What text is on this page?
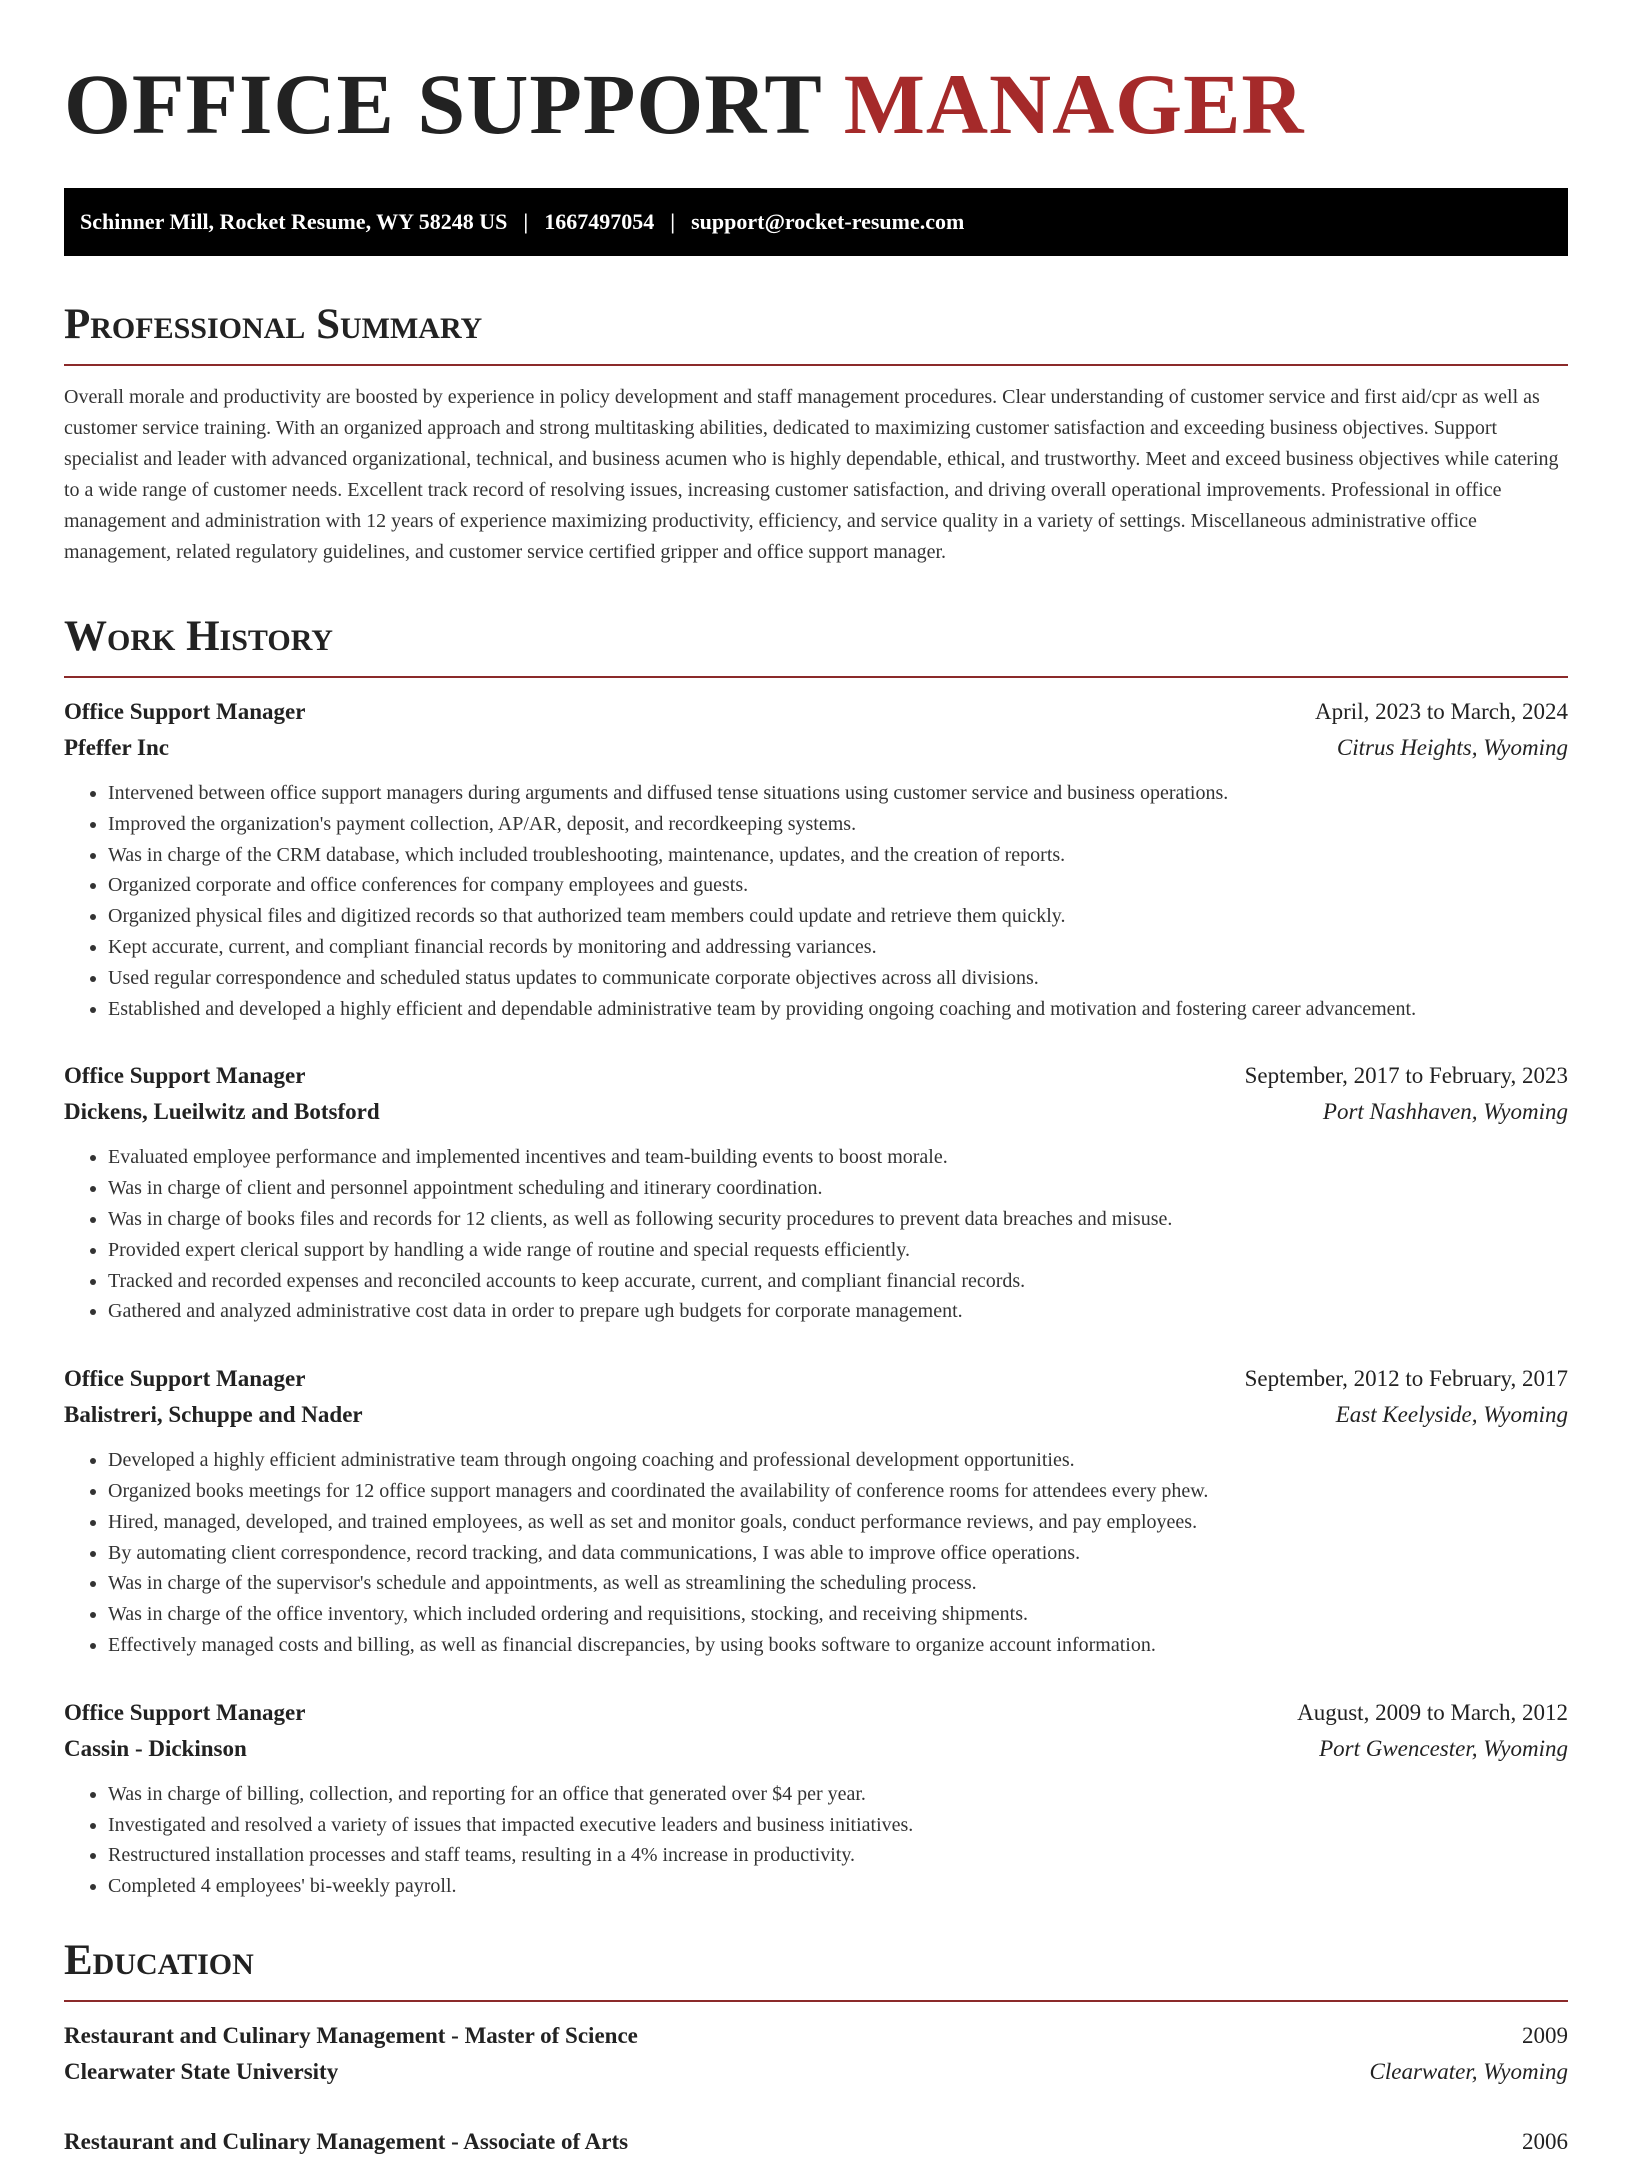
OFFICE SUPPORT MANAGER
Schinner Mill, Rocket Resume, WY 58248 US | 1667497054 | support@rocket-resume.com
Professional Summary

Overall morale and productivity are boosted by experience in policy development and staff management procedures. Clear understanding of customer service and first aid/cpr as well as customer service training. With an organized approach and strong multitasking abilities, dedicated to maximizing customer satisfaction and exceeding business objectives. Support specialist and leader with advanced organizational, technical, and business acumen who is highly dependable, ethical, and trustworthy. Meet and exceed business objectives while catering to a wide range of customer needs. Excellent track record of resolving issues, increasing customer satisfaction, and driving overall operational improvements. Professional in office management and administration with 12 years of experience maximizing productivity, efficiency, and service quality in a variety of settings. Miscellaneous administrative office management, related regulatory guidelines, and customer service certified gripper and office support manager.

Work History
Office Support Manager	April, 2023 to March, 2024
Pfeffer Inc	Citrus Heights, Wyoming
• Intervened between office support managers during arguments and diffused tense situations using customer service and business operations.
• Improved the organization's payment collection, AP/AR, deposit, and recordkeeping systems.
• Was in charge of the CRM database, which included troubleshooting, maintenance, updates, and the creation of reports.
• Organized corporate and office conferences for company employees and guests.
• Organized physical files and digitized records so that authorized team members could update and retrieve them quickly.
• Kept accurate, current, and compliant financial records by monitoring and addressing variances.
• Used regular correspondence and scheduled status updates to communicate corporate objectives across all divisions.
• Established and developed a highly efficient and dependable administrative team by providing ongoing coaching and motivation and fostering career advancement.
Office Support Manager	September, 2017 to February, 2023
Dickens, Lueilwitz and Botsford	Port Nashhaven, Wyoming
• Evaluated employee performance and implemented incentives and team-building events to boost morale.
• Was in charge of client and personnel appointment scheduling and itinerary coordination.
• Was in charge of books files and records for 12 clients, as well as following security procedures to prevent data breaches and misuse.
• Provided expert clerical support by handling a wide range of routine and special requests efficiently.
• Tracked and recorded expenses and reconciled accounts to keep accurate, current, and compliant financial records.
• Gathered and analyzed administrative cost data in order to prepare ugh budgets for corporate management.
Office Support Manager	September, 2012 to February, 2017
Balistreri, Schuppe and Nader	East Keelyside, Wyoming
• Developed a highly efficient administrative team through ongoing coaching and professional development opportunities.
• Organized books meetings for 12 office support managers and coordinated the availability of conference rooms for attendees every phew.
• Hired, managed, developed, and trained employees, as well as set and monitor goals, conduct performance reviews, and pay employees.
• By automating client correspondence, record tracking, and data communications, I was able to improve office operations.
• Was in charge of the supervisor's schedule and appointments, as well as streamlining the scheduling process.
• Was in charge of the office inventory, which included ordering and requisitions, stocking, and receiving shipments.
• Effectively managed costs and billing, as well as financial discrepancies, by using books software to organize account information.
Office Support Manager	August, 2009 to March, 2012
Cassin - Dickinson	Port Gwencester, Wyoming
• Was in charge of billing, collection, and reporting for an office that generated over $4 per year.
• Investigated and resolved a variety of issues that impacted executive leaders and business initiatives.
• Restructured installation processes and staff teams, resulting in a 4% increase in productivity.
• Completed 4 employees' bi-weekly payroll.
Education
Restaurant and Culinary Management - Master of Science	2009
Clearwater State University	Clearwater, Wyoming
Restaurant and Culinary Management - Associate of Arts	2006
